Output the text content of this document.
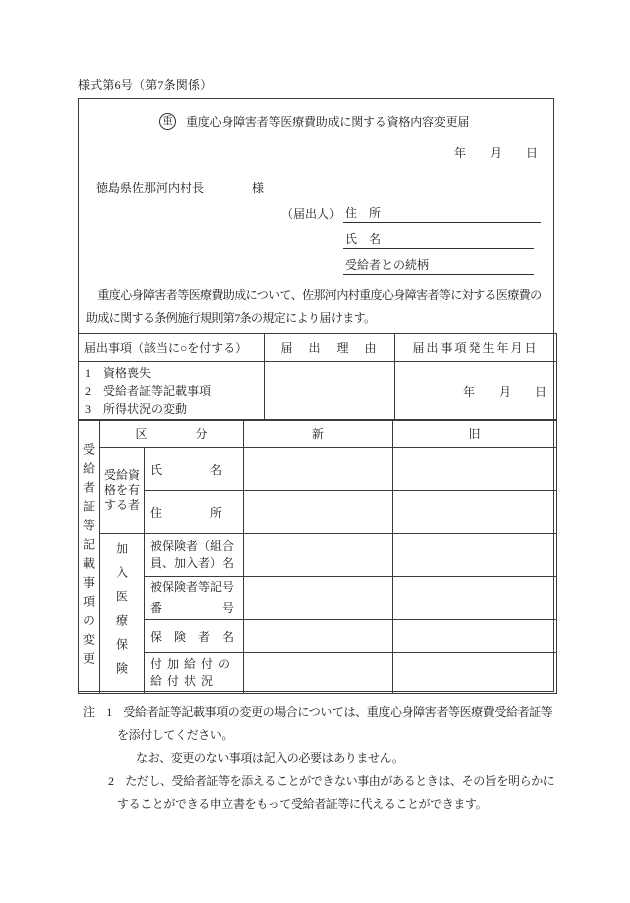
様式第6号（第7条関係）
重 重度心身障害者等医療費助成に関する資格内容変更届
年　　月　　日
徳島県佐那河内村長	様
（届出人） 住　所
氏　名
受給者との続柄
　重度心身障害者等医療費助成について、佐那河内村重度心身障害者等に対する医療費の
助成に関する条例施行規則第7条の規定により届けます。
届出事項（該当に○を付する）	届　出　理　由	届出事項発生年月日
1　資格喪失
2　受給者証等記載事項
3　所得状況の変動		年　　月　　日
受給者証等記載事項の変更	区　　　　分		新	旧
	受給資格を有する者	氏　　　　名		
		住　　　　所		
	加入医療保険	被保険者（組合
員、加入者）名		
		被保険者等記号
番　　　　　号		
		保　険　者　名		
		付加給付の
給付状況		
注　1　受給者証等記載事項の変更の場合については、重度心身障害者等医療費受給者証等
を添付してください。
なお、変更のない事項は記入の必要はありません。
2　ただし、受給者証等を添えることができない事由があるときは、その旨を明らかに
することができる申立書をもって受給者証等に代えることができます。
